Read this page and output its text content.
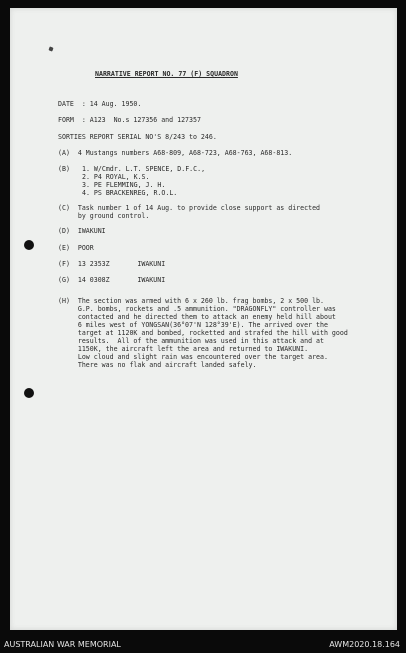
NARRATIVE REPORT NO. 77 (F) SQUADRON
DATE  : 14 Aug. 1950.
FORM  : A123  No.s 127356 and 127357
SORTIES REPORT SERIAL NO'S 8/243 to 246.
(A)  4 Mustangs numbers A68-809, A68-723, A68-763, A68-813.
(B) 1. W/Cmdr. L.T. SPENCE, D.F.C.,
2. P4 ROYAL, K.S.
3. PE FLEMMING, J. H.
4. PS BRACKENREG, R.O.L.
(C)  Task number 1 of 14 Aug. to provide close support as directed
by ground control.
(D)  IWAKUNI
(E)  POOR
(F)  13 2353Z       IWAKUNI
(G)  14 0308Z       IWAKUNI
(H)  The section was armed with 6 x 260 lb. frag bombs, 2 x 500 lb.
G.P. bombs, rockets and .5 ammunition. "DRAGONFLY" controller was
contacted and he directed them to attack an enemy held hill about
6 miles west of YONGSAN(36°07'N 128°39'E). The arrived over the
target at 1120K and bombed, rocketted and strafed the hill with good
results.  All of the ammunition was used in this attack and at
1150K, the aircraft left the area and returned to IWAKUNI.
Low cloud and slight rain was encountered over the target area.
There was no flak and aircraft landed safely.
AUSTRALIAN WAR MEMORIAL	AWM2020.18.164
